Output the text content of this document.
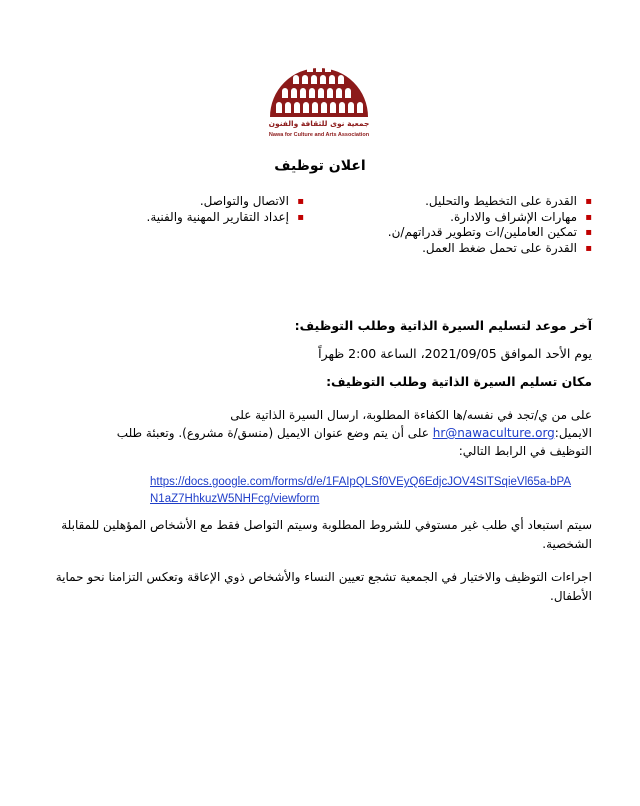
جمعية نوى للثقافة والفنون
Nawa for Culture and Arts Association
اعلان توظيف
▪ القدرة على التخطيط والتحليل.
▪ مهارات الإشراف والادارة.
▪ تمكين العاملين/ات وتطوير قدراتهم/ن.
▪ القدرة على تحمل ضغط العمل.
▪ الاتصال والتواصل.
▪ إعداد التقارير المهنية والفنية.
آخر موعد لتسليم السيرة الذاتية وطلب التوظيف:
يوم الأحد الموافق 2021/09/05، الساعة 2:00 ظهراً
مكان تسليم السيرة الذاتية وطلب التوظيف:
على من ي/تجد في نفسه/ها الكفاءة المطلوبة، ارسال السيرة الذاتية على
الايميل:hr@nawaculture.org على أن يتم وضع عنوان الايميل (منسق/ة مشروع). وتعبئة طلب
التوظيف في الرابط التالي:
https://docs.google.com/forms/d/e/1FAIpQLSf0VEyQ6EdjcJOV4SITSqieVl65a-bPAN1aZ7HhkuzW5NHFcg/viewform
سيتم استبعاد أي طلب غير مستوفي للشروط المطلوبة وسيتم التواصل فقط مع الأشخاص المؤهلين للمقابلة الشخصية.
اجراءات التوظيف والاختيار في الجمعية تشجع تعيين النساء والأشخاص ذوي الإعاقة وتعكس التزامنا نحو حماية الأطفال.
